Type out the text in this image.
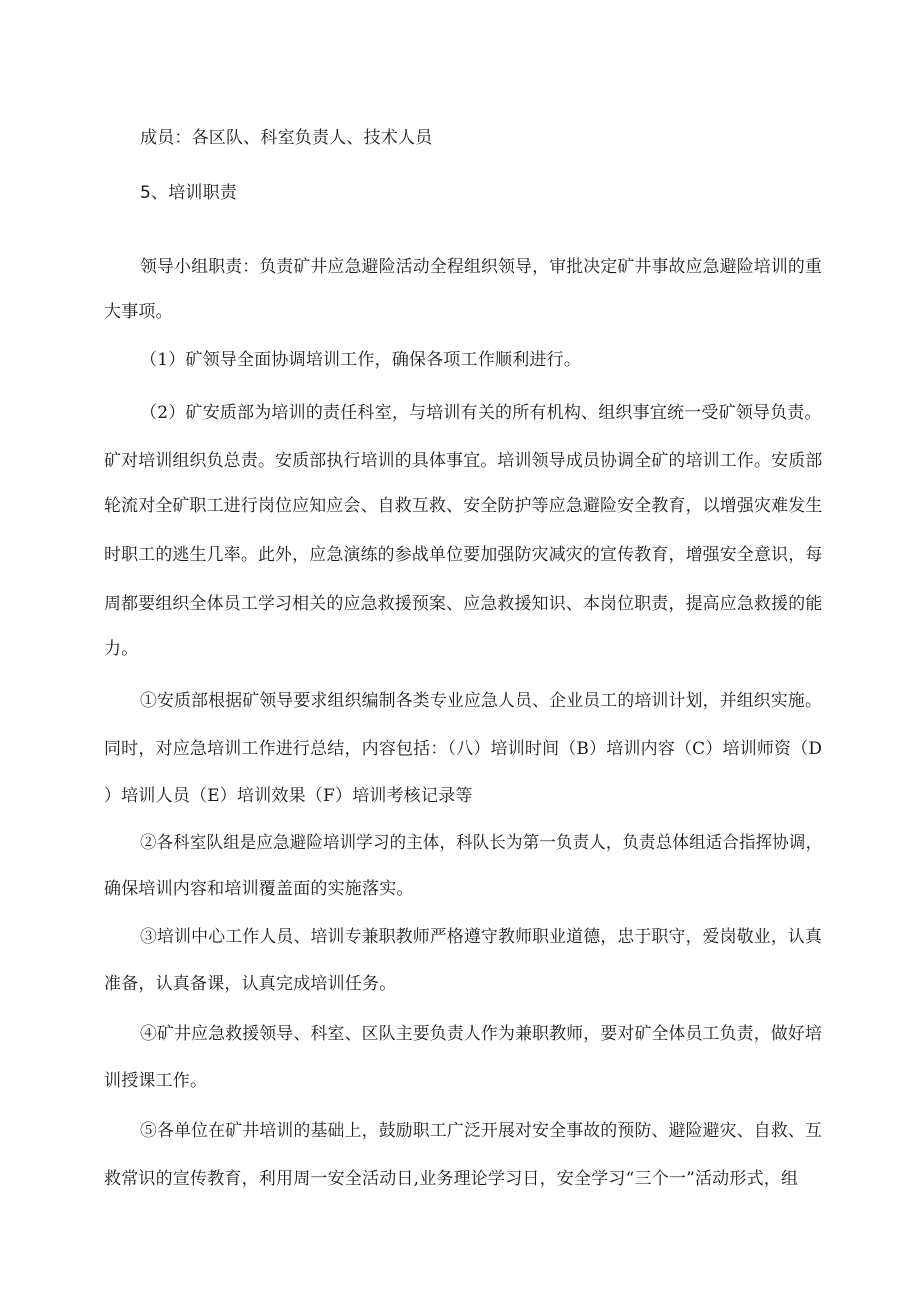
成员：各区队、科室负责人、技术人员
5、培训职责
领导小组职责：负责矿井应急避险活动全程组织领导，审批决定矿井事故应急避险培训的重
大事项。
（1）矿领导全面协调培训工作，确保各项工作顺利进行。
（2）矿安质部为培训的责任科室，与培训有关的所有机构、组织事宜统一受矿领导负责。
矿对培训组织负总责。安质部执行培训的具体事宜。培训领导成员协调全矿的培训工作。安质部
轮流对全矿职工进行岗位应知应会、自救互救、安全防护等应急避险安全教育，以增强灾难发生
时职工的逃生几率。此外，应急演练的参战单位要加强防灾减灾的宣传教育，增强安全意识，每
周都要组织全体员工学习相关的应急救援预案、应急救援知识、本岗位职责，提高应急救援的能
力。
①安质部根据矿领导要求组织编制各类专业应急人员、企业员工的培训计划，并组织实施。
同时，对应急培训工作进行总结，内容包括：（八）培训时间（B）培训内容（C）培训师资（D
）培训人员（E）培训效果（F）培训考核记录等
②各科室队组是应急避险培训学习的主体，科队长为第一负责人，负责总体组适合指挥协调，
确保培训内容和培训覆盖面的实施落实。
③培训中心工作人员、培训专兼职教师严格遵守教师职业道德，忠于职守，爱岗敬业，认真
准备，认真备课，认真完成培训任务。
④矿井应急救援领导、科室、区队主要负责人作为兼职教师，要对矿全体员工负责，做好培
训授课工作。
⑤各单位在矿井培训的基础上，鼓励职工广泛开展对安全事故的预防、避险避灾、自救、互
救常识的宣传教育，利用周一安全活动日,业务理论学习日，安全学习“三个一”活动形式，组
